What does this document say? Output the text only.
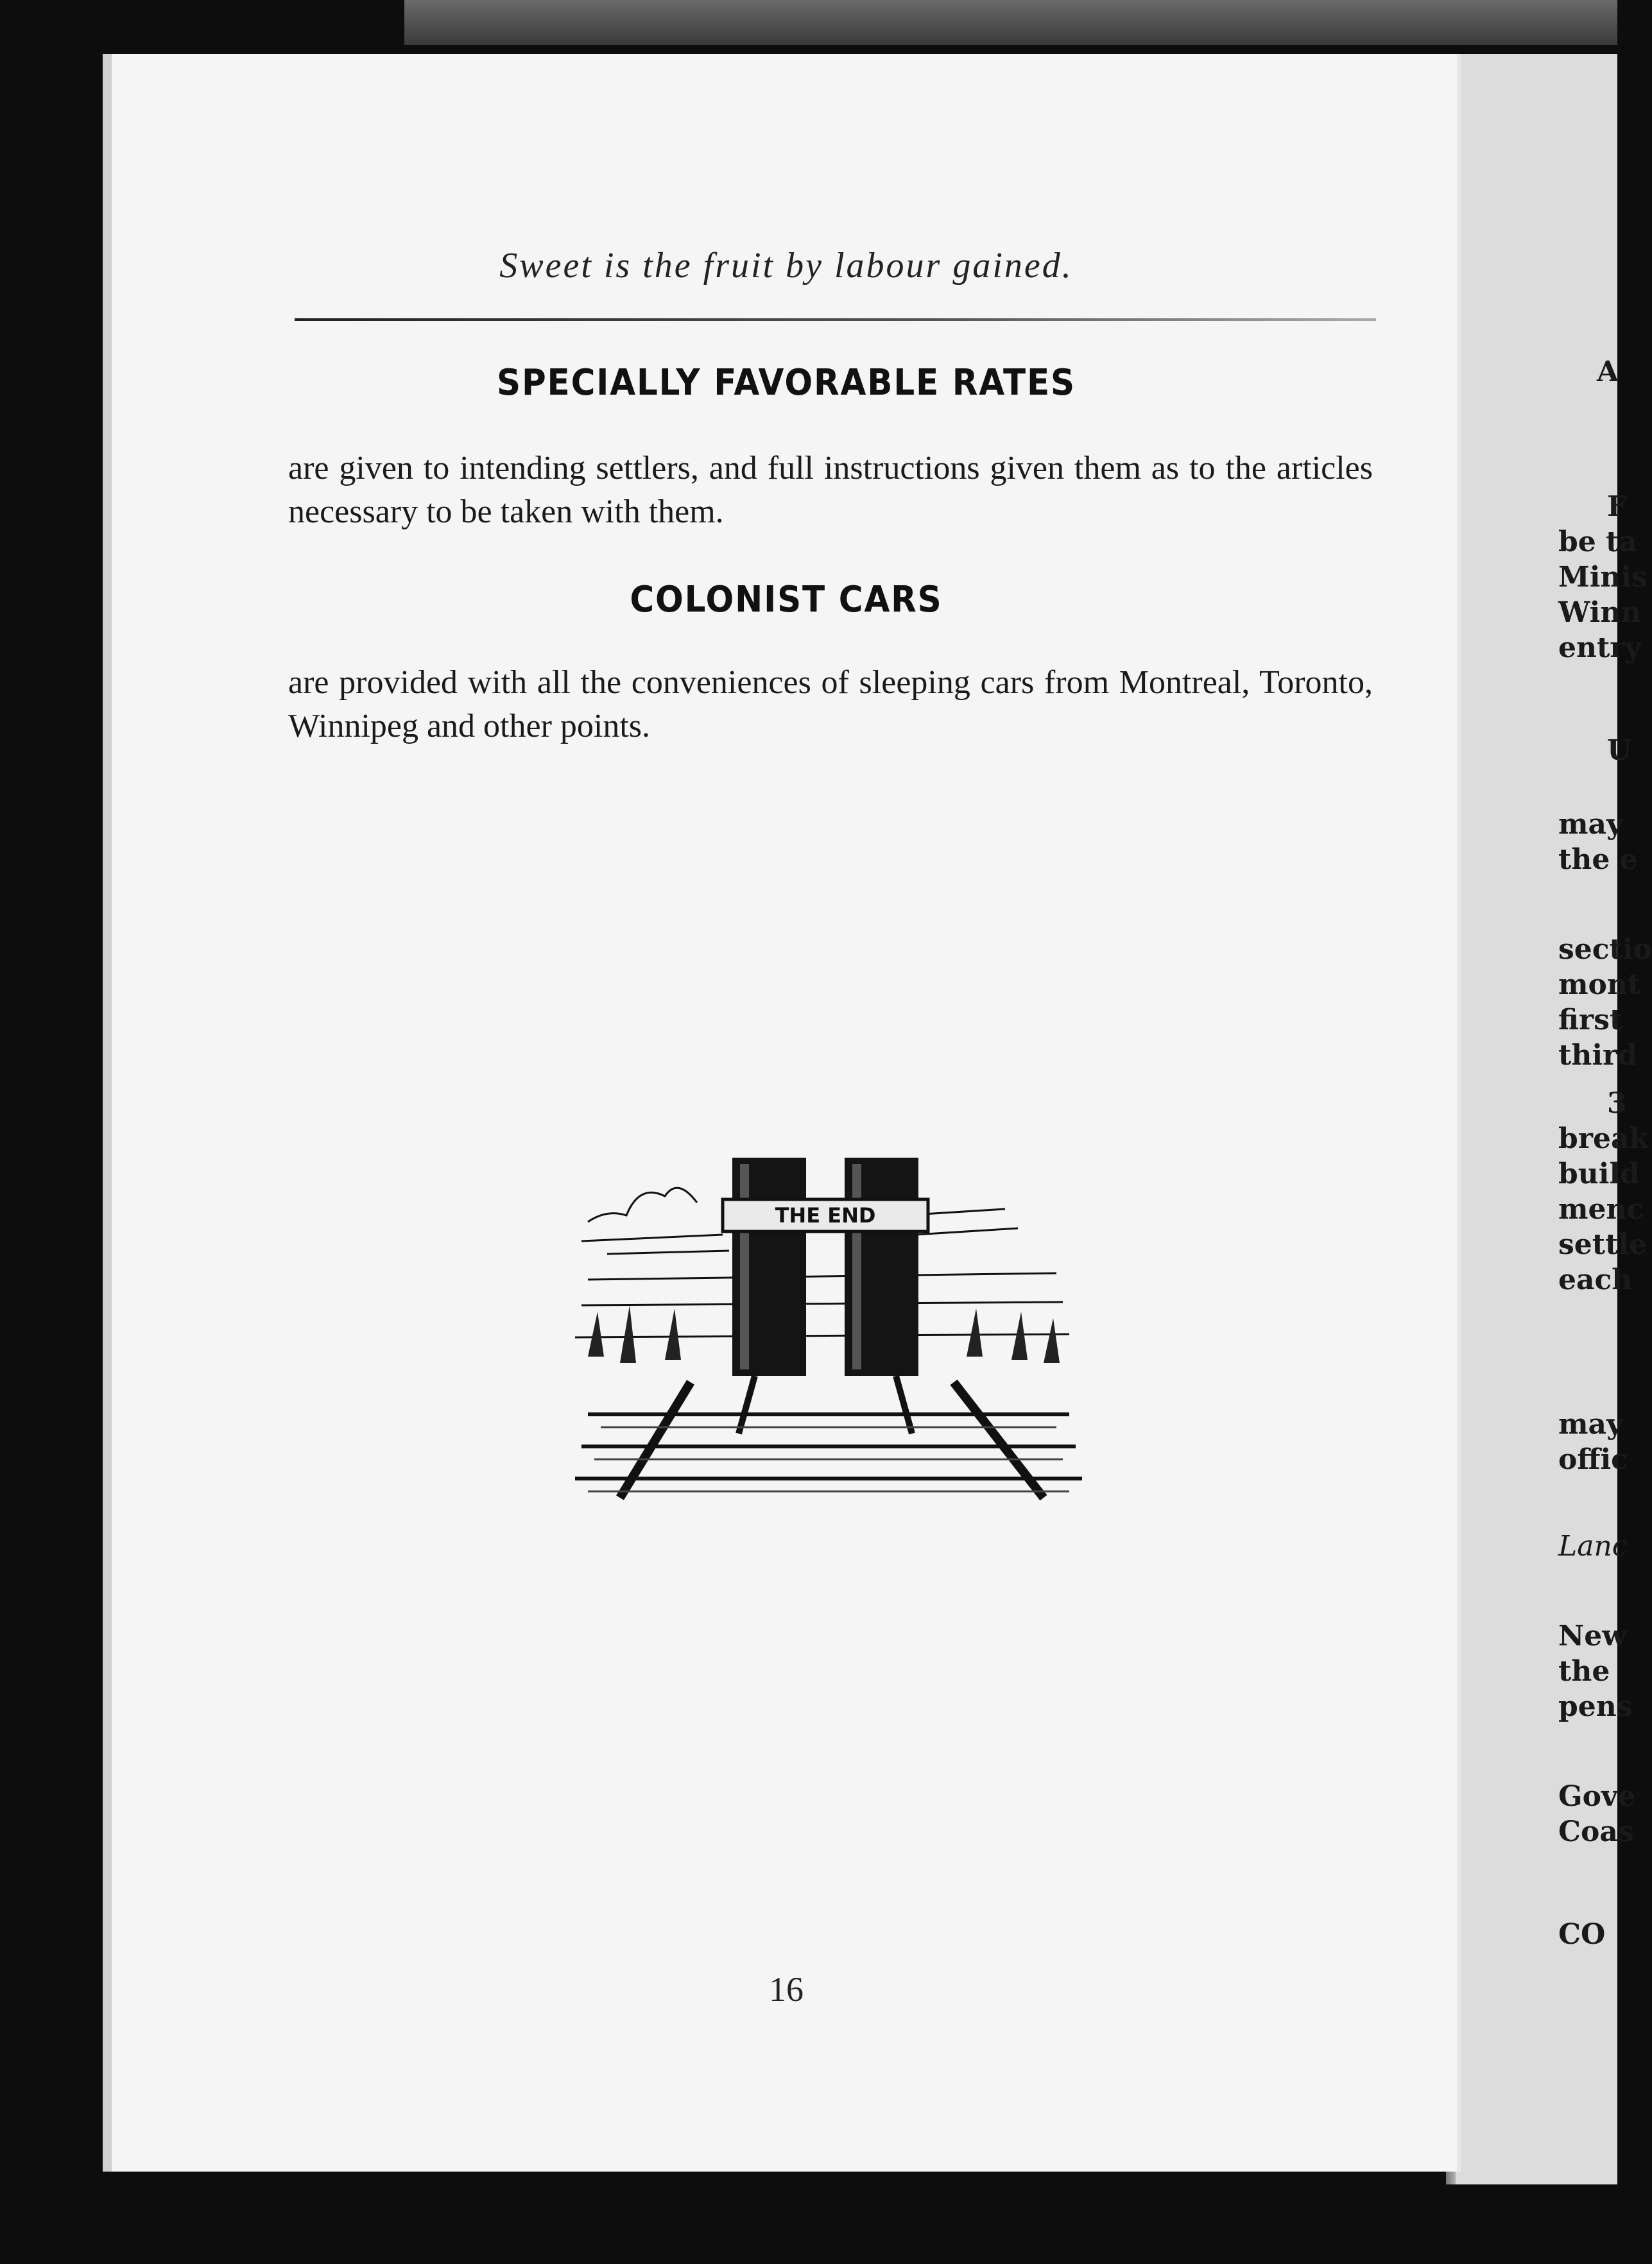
A
F
be ta
Minis
Winn
entry
U
may
the e
sectio
mont
first
third
3
break
build
menc
settle
each
may
offic
Lanc
New
the
pens
Gove
Coas
CO
Sweet is the fruit by labour gained.
SPECIALLY FAVORABLE RATES
are given to intending settlers, and full instructions given them as to the articles necessary to be taken with them.
COLONIST CARS
are provided with all the conveniences of sleeping cars from Montreal, Toronto, Winnipeg and other points.
THE END
16
